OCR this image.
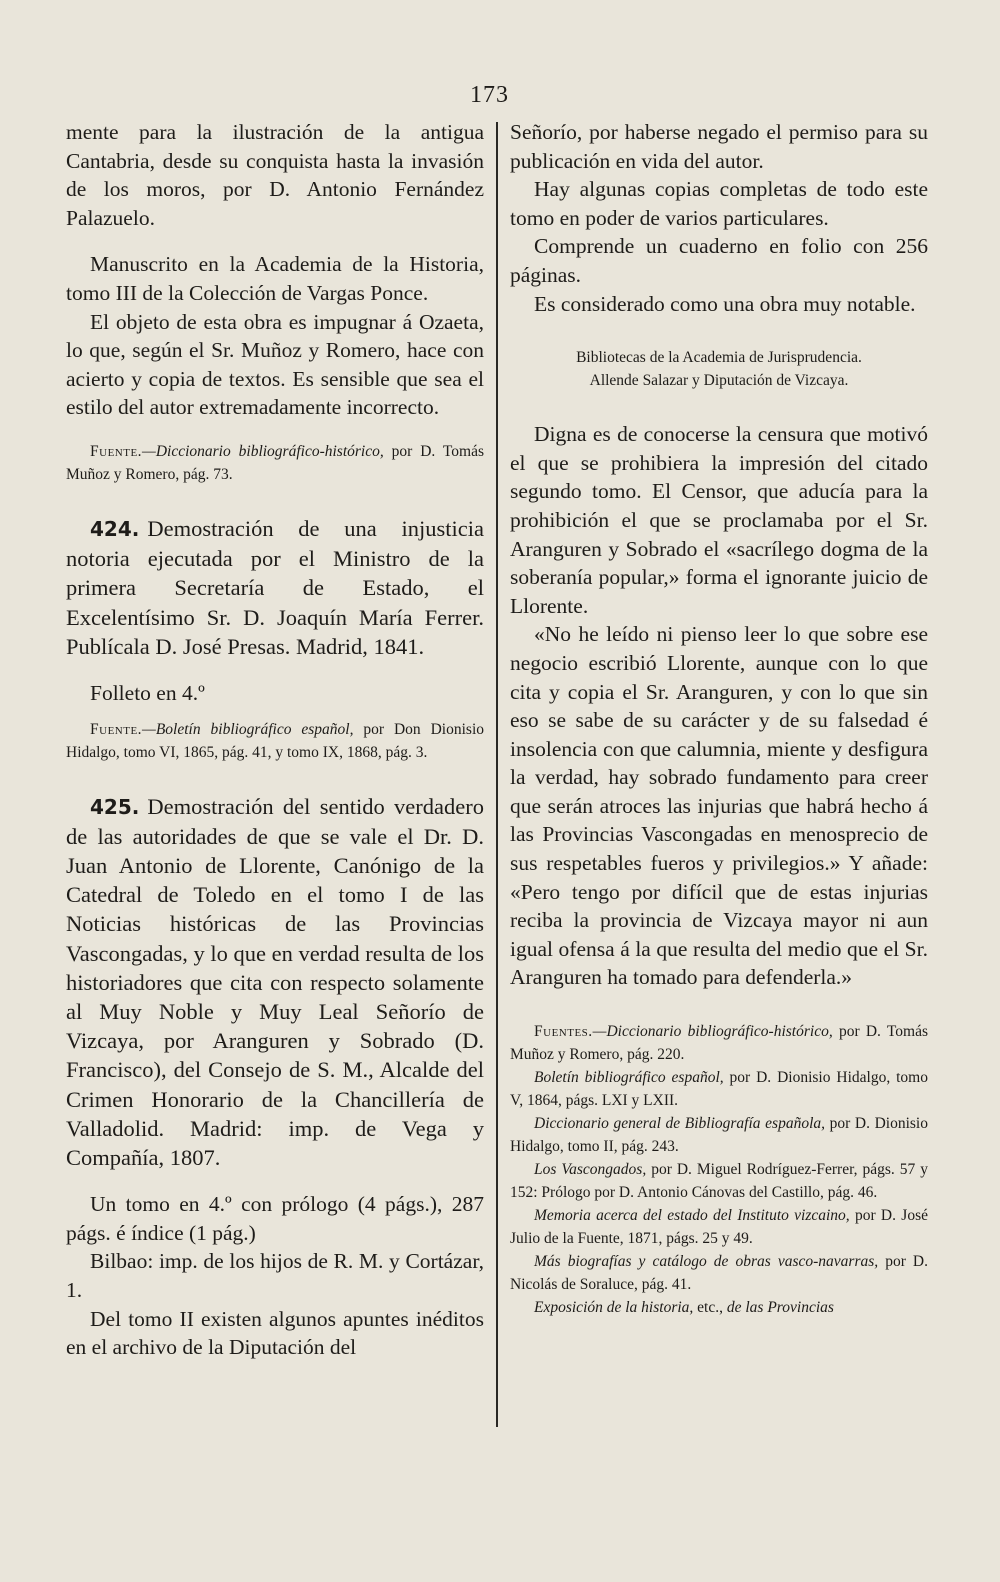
173

mente para la ilustración de la antigua Cantabria, desde su conquista hasta la invasión de los moros, por D. Antonio Fernández Palazuelo.

Manuscrito en la Academia de la Historia, tomo III de la Colección de Vargas Ponce.

El objeto de esta obra es impugnar á Ozaeta, lo que, según el Sr. Muñoz y Romero, hace con acierto y copia de textos. Es sensible que sea el estilo del autor extremadamente incorrecto.

Fuente.—Diccionario bibliográfico-histórico, por D. Tomás Muñoz y Romero, pág. 73.

424. Demostración de una injusticia notoria ejecutada por el Ministro de la primera Secretaría de Estado, el Excelentísimo Sr. D. Joaquín María Ferrer. Publícala D. José Presas. Madrid, 1841.

Folleto en 4.º

Fuente.—Boletín bibliográfico español, por Don Dionisio Hidalgo, tomo VI, 1865, pág. 41, y tomo IX, 1868, pág. 3.

425. Demostración del sentido verdadero de las autoridades de que se vale el Dr. D. Juan Antonio de Llorente, Canónigo de la Catedral de Toledo en el tomo I de las Noticias históricas de las Provincias Vascongadas, y lo que en verdad resulta de los historiadores que cita con respecto solamente al Muy Noble y Muy Leal Señorío de Vizcaya, por Aranguren y Sobrado (D. Francisco), del Consejo de S. M., Alcalde del Crimen Honorario de la Chancillería de Valladolid. Madrid: imp. de Vega y Compañía, 1807.

Un tomo en 4.º con prólogo (4 págs.), 287 págs. é índice (1 pág.)

Bilbao: imp. de los hijos de R. M. y Cortázar, 1.

Del tomo II existen algunos apuntes inéditos en el archivo de la Diputación del

Señorío, por haberse negado el permiso para su publicación en vida del autor.

Hay algunas copias completas de todo este tomo en poder de varios particulares.

Comprende un cuaderno en folio con 256 páginas.

Es considerado como una obra muy notable.

Bibliotecas de la Academia de Jurisprudencia.

Allende Salazar y Diputación de Vizcaya.

Digna es de conocerse la censura que motivó el que se prohibiera la impresión del citado segundo tomo. El Censor, que aducía para la prohibición el que se proclamaba por el Sr. Aranguren y Sobrado el «sacrílego dogma de la soberanía popular,» forma el ignorante juicio de Llorente.

«No he leído ni pienso leer lo que sobre ese negocio escribió Llorente, aunque con lo que cita y copia el Sr. Aranguren, y con lo que sin eso se sabe de su carácter y de su falsedad é insolencia con que calumnia, miente y desfigura la verdad, hay sobrado fundamento para creer que serán atroces las injurias que habrá hecho á las Provincias Vascongadas en menosprecio de sus respetables fueros y privilegios.» Y añade: «Pero tengo por difícil que de estas injurias reciba la provincia de Vizcaya mayor ni aun igual ofensa á la que resulta del medio que el Sr. Aranguren ha tomado para defenderla.»

Fuentes.—Diccionario bibliográfico-histórico, por D. Tomás Muñoz y Romero, pág. 220.

Boletín bibliográfico español, por D. Dionisio Hidalgo, tomo V, 1864, págs. LXI y LXII.

Diccionario general de Bibliografía española, por D. Dionisio Hidalgo, tomo II, pág. 243.

Los Vascongados, por D. Miguel Rodríguez-Ferrer, págs. 57 y 152: Prólogo por D. Antonio Cánovas del Castillo, pág. 46.

Memoria acerca del estado del Instituto vizcaino, por D. José Julio de la Fuente, 1871, págs. 25 y 49.

Más biografías y catálogo de obras vasco-navarras, por D. Nicolás de Soraluce, pág. 41.

Exposición de la historia, etc., de las Provincias
